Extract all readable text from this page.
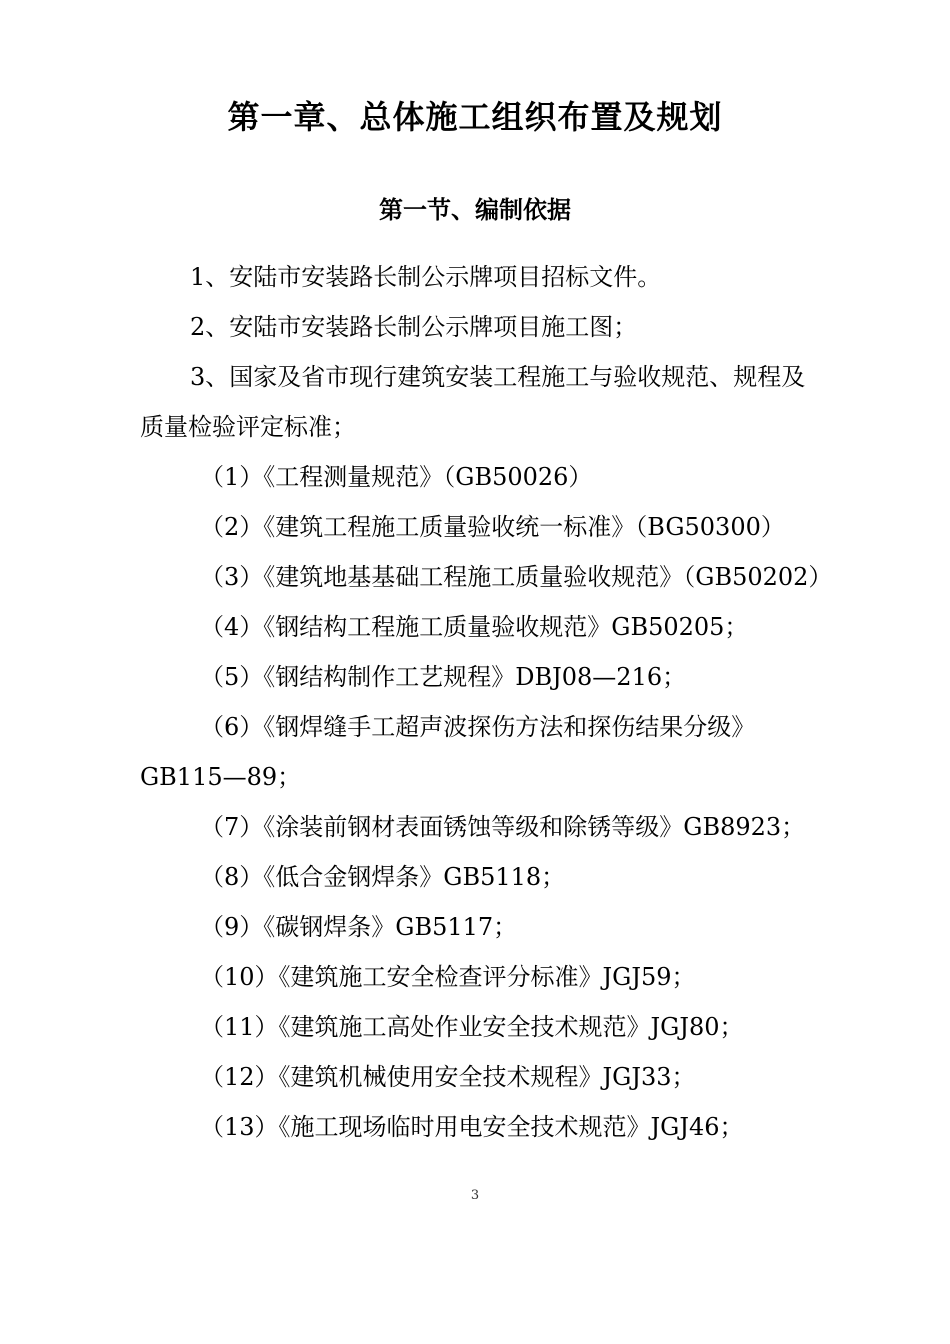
第一章、总体施工组织布置及规划
第一节、编制依据
1、安陆市安装路长制公示牌项目招标文件。
2、安陆市安装路长制公示牌项目施工图；
3、国家及省市现行建筑安装工程施工与验收规范、规程及
质量检验评定标准；
（1）《工程测量规范》（GB50026）
（2）《建筑工程施工质量验收统一标准》（BG50300）
（3）《建筑地基基础工程施工质量验收规范》（GB50202）
（4）《钢结构工程施工质量验收规范》GB50205；
（5）《钢结构制作工艺规程》DBJ08—216；
（6）《钢焊缝手工超声波探伤方法和探伤结果分级》
GB115—89；
（7）《涂装前钢材表面锈蚀等级和除锈等级》GB8923；
（8）《低合金钢焊条》GB5118；
（9）《碳钢焊条》GB5117；
（10）《建筑施工安全检查评分标准》JGJ59；
（11）《建筑施工高处作业安全技术规范》JGJ80；
（12）《建筑机械使用安全技术规程》JGJ33；
（13）《施工现场临时用电安全技术规范》JGJ46；
3
